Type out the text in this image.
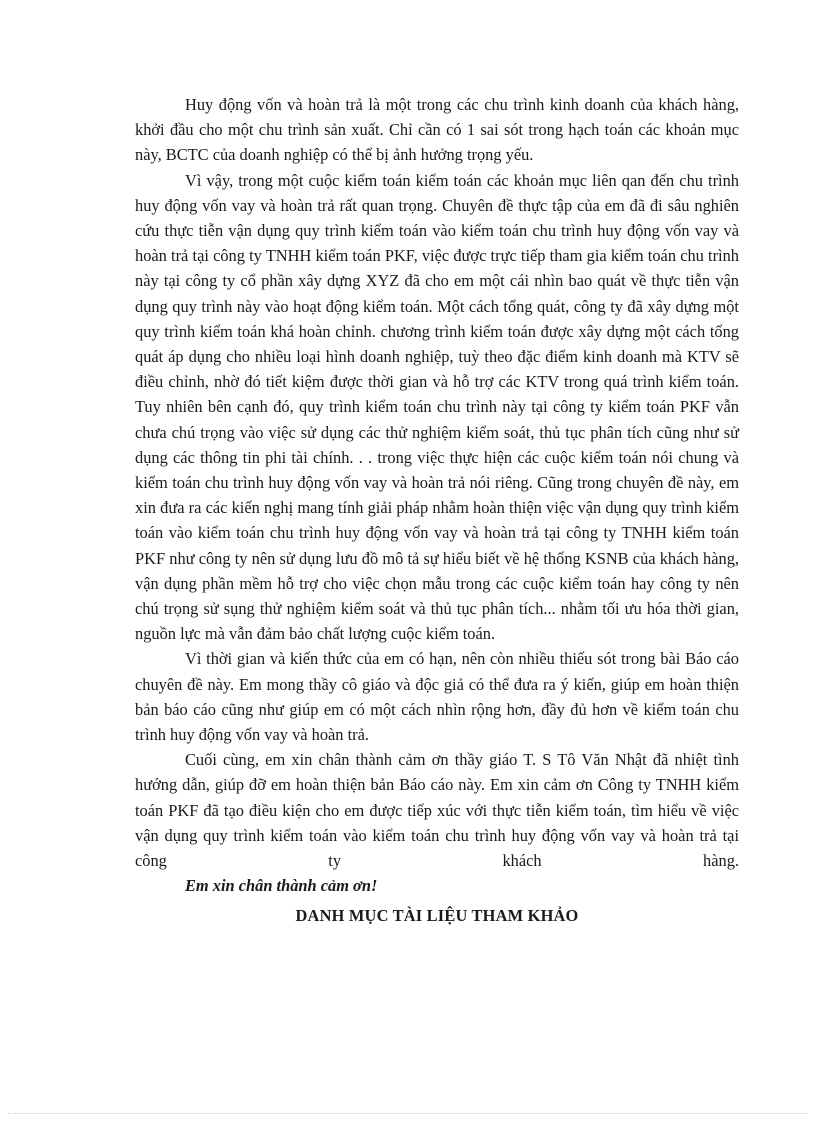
Huy động vốn và hoàn trả là một trong các chu trình kinh doanh của khách hàng, khởi đầu cho một chu trình sản xuất. Chỉ cần có 1 sai sót trong hạch toán các khoản mục này, BCTC của doanh nghiệp có thể bị ảnh hưởng trọng yếu.

Vì vậy, trong một cuộc kiểm toán kiểm toán các khoản mục liên qan đến chu trình huy động vốn vay và hoàn trả rất quan trọng. Chuyên đề thực tập của em đã đi sâu nghiên cứu thực tiễn vận dụng quy trình kiểm toán vào kiểm toán chu trình huy động vốn vay và hoàn trả tại công ty TNHH kiểm toán PKF, việc được trực tiếp tham gia kiểm toán chu trình này tại công ty cổ phần xây dựng XYZ đã cho em một cái nhìn bao quát về thực tiễn vận dụng quy trình này vào hoạt động kiểm toán. Một cách tổng quát, công ty đã xây dựng một quy trình kiểm toán khá hoàn chỉnh. chương trình kiểm toán được xây dựng một cách tổng quát áp dụng cho nhiều loại hình doanh nghiệp, tuỳ theo đặc điểm kinh doanh mà KTV sẽ điều chỉnh, nhờ đó tiết kiệm được thời gian và hỗ trợ các KTV trong quá trình kiểm toán. Tuy nhiên bên cạnh đó, quy trình kiểm toán chu trình này tại công ty kiểm toán PKF vẫn chưa chú trọng vào việc sử dụng các thử nghiệm kiểm soát, thủ tục phân tích cũng như sử dụng các thông tin phi tài chính. . . trong việc thực hiện các cuộc kiểm toán nói chung và kiểm toán chu trình huy động vốn vay và hoàn trả nói riêng. Cũng trong chuyên đề này, em xin đưa ra các kiến nghị mang tính giải pháp nhằm hoàn thiện việc vận dụng quy trình kiểm toán vào kiểm toán chu trình huy động vốn vay và hoàn trả tại công ty TNHH kiểm toán PKF như công ty nên sử dụng lưu đồ mô tả sự hiểu biết về hệ thống KSNB của khách hàng, vận dụng phần mềm hỗ trợ cho việc chọn mẫu trong các cuộc kiểm toán hay công ty nên chú trọng sử sụng thử nghiệm kiểm soát và thủ tục phân tích... nhằm tối ưu hóa thời gian, nguồn lực mà vẫn đảm bảo chất lượng cuộc kiểm toán.

Vì thời gian và kiến thức của em có hạn, nên còn nhiều thiếu sót trong bài Báo cáo chuyên đề này. Em mong thầy cô giáo và độc giả có thể đưa ra ý kiến, giúp em hoàn thiện bản báo cáo cũng như giúp em có một cách nhìn rộng hơn, đầy đủ hơn về kiểm toán chu trình huy động vốn vay và hoàn trả.

Cuối cùng, em xin chân thành cảm ơn thầy giáo T. S Tô Văn Nhật đã nhiệt tình hướng dẫn, giúp đỡ em hoàn thiện bản Báo cáo này. Em xin cảm ơn Công ty TNHH kiểm toán PKF đã tạo điều kiện cho em được tiếp xúc với thực tiễn kiểm toán, tìm hiểu về việc vận dụng quy trình kiểm toán vào kiểm toán chu trình huy động vốn vay và hoàn trả tại công ty khách hàng.

Em xin chân thành cảm ơn!

DANH MỤC TÀI LIỆU THAM KHẢO
